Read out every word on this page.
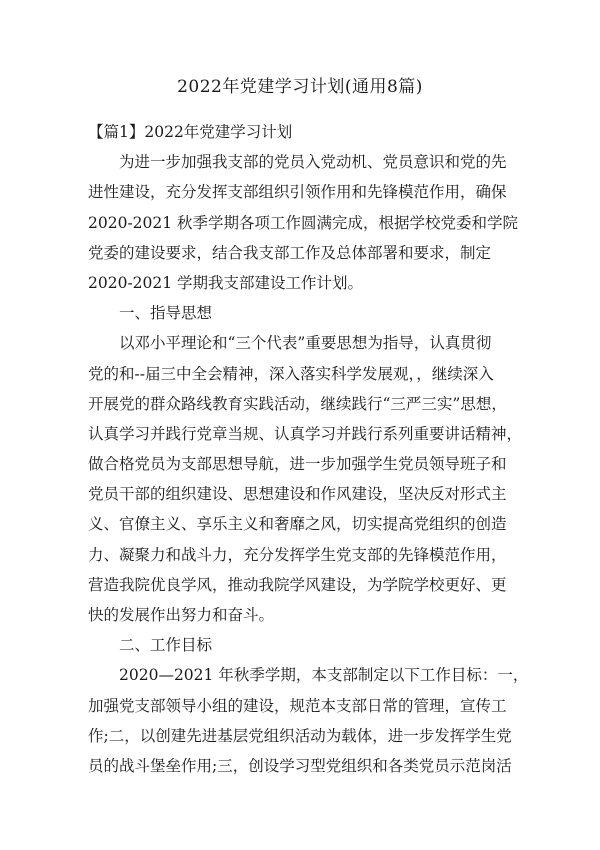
2022年党建学习计划(通用8篇)
【篇1】2022年党建学习计划
　　为进一步加强我支部的党员入党动机、党员意识和党的先
进性建设，充分发挥支部组织引领作用和先锋模范作用，确保
2020-2021 秋季学期各项工作圆满完成，根据学校党委和学院
党委的建设要求，结合我支部工作及总体部署和要求，制定
2020-2021 学期我支部建设工作计划。
　　一、指导思想
　　以邓小平理论和“三个代表”重要思想为指导，认真贯彻
党的和--届三中全会精神，深入落实科学发展观，，继续深入
开展党的群众路线教育实践活动，继续践行“三严三实”思想，
认真学习并践行党章当规、认真学习并践行系列重要讲话精神，
做合格党员为支部思想导航，进一步加强学生党员领导班子和
党员干部的组织建设、思想建设和作风建设，坚决反对形式主
义、官僚主义、享乐主义和奢靡之风，切实提高党组织的创造
力、凝聚力和战斗力，充分发挥学生党支部的先锋模范作用，
营造我院优良学风，推动我院学风建设，为学院学校更好、更
快的发展作出努力和奋斗。
　　二、工作目标
　　2020—2021 年秋季学期，本支部制定以下工作目标：一，
加强党支部领导小组的建设，规范本支部日常的管理，宣传工
作;二，以创建先进基层党组织活动为载体，进一步发挥学生党
员的战斗堡垒作用;三，创设学习型党组织和各类党员示范岗活
